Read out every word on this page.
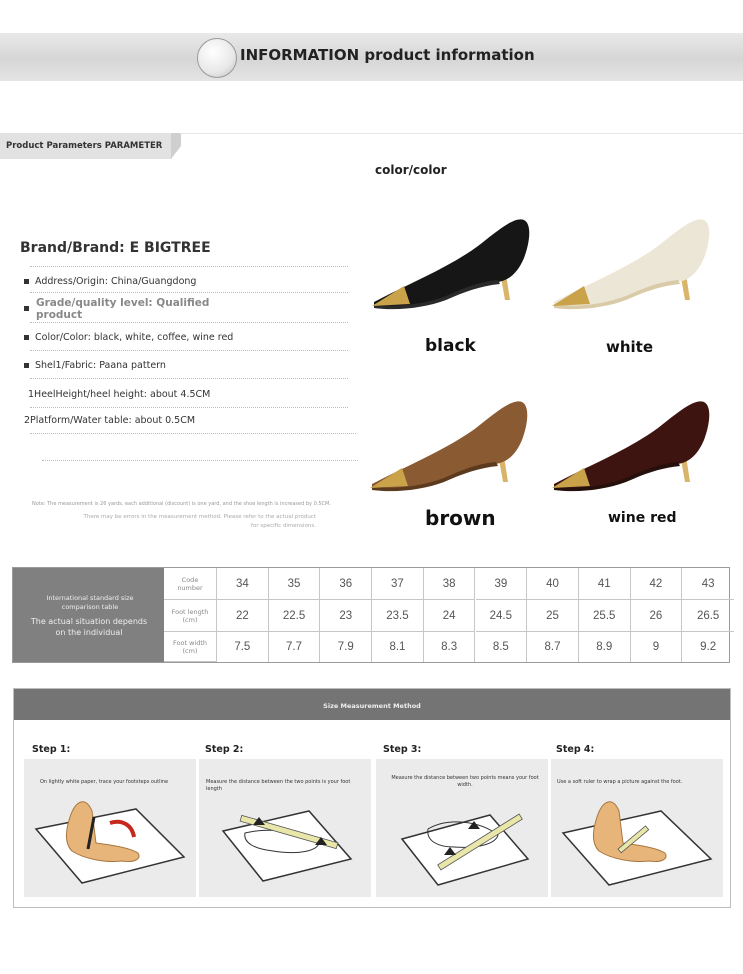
INFORMATION product information
Product Parameters PARAMETER
Brand/Brand: E BIGTREE
Address/Origin: China/Guangdong
Grade/quality level: Qualified product
Color/Color: black, white, coffee, wine red
Shel1/Fabric: Paana pattern
1HeelHeight/heel height: about 4.5CM
2Platform/Water table: about 0.5CM
Note: The measurement is 26 yards, each additional (discount) is one yard, and the shoe length is increased by 0.5CM.
There may be errors in the measurement method. Please refer to the actual product for specific dimensions.
color/color
black	white
brown	wine red
International standard size comparison table
The actual situation depends on the individual
Code number	34	35	36	37	38	39	40	41	42	43
Foot length (cm)	22	22.5	23	23.5	24	24.5	25	25.5	26	26.5
Foot width (cm)	7.5	7.7	7.9	8.1	8.3	8.5	8.7	8.9	9	9.2
Size Measurement Method
Step 1:	Step 2:	Step 3:	Step 4:
On lightly white paper, trace your footsteps outline	Measure the distance between the two points is your foot length
Measure the distance between two points means your foot width.	Use a soft ruler to wrap a picture against the foot.
